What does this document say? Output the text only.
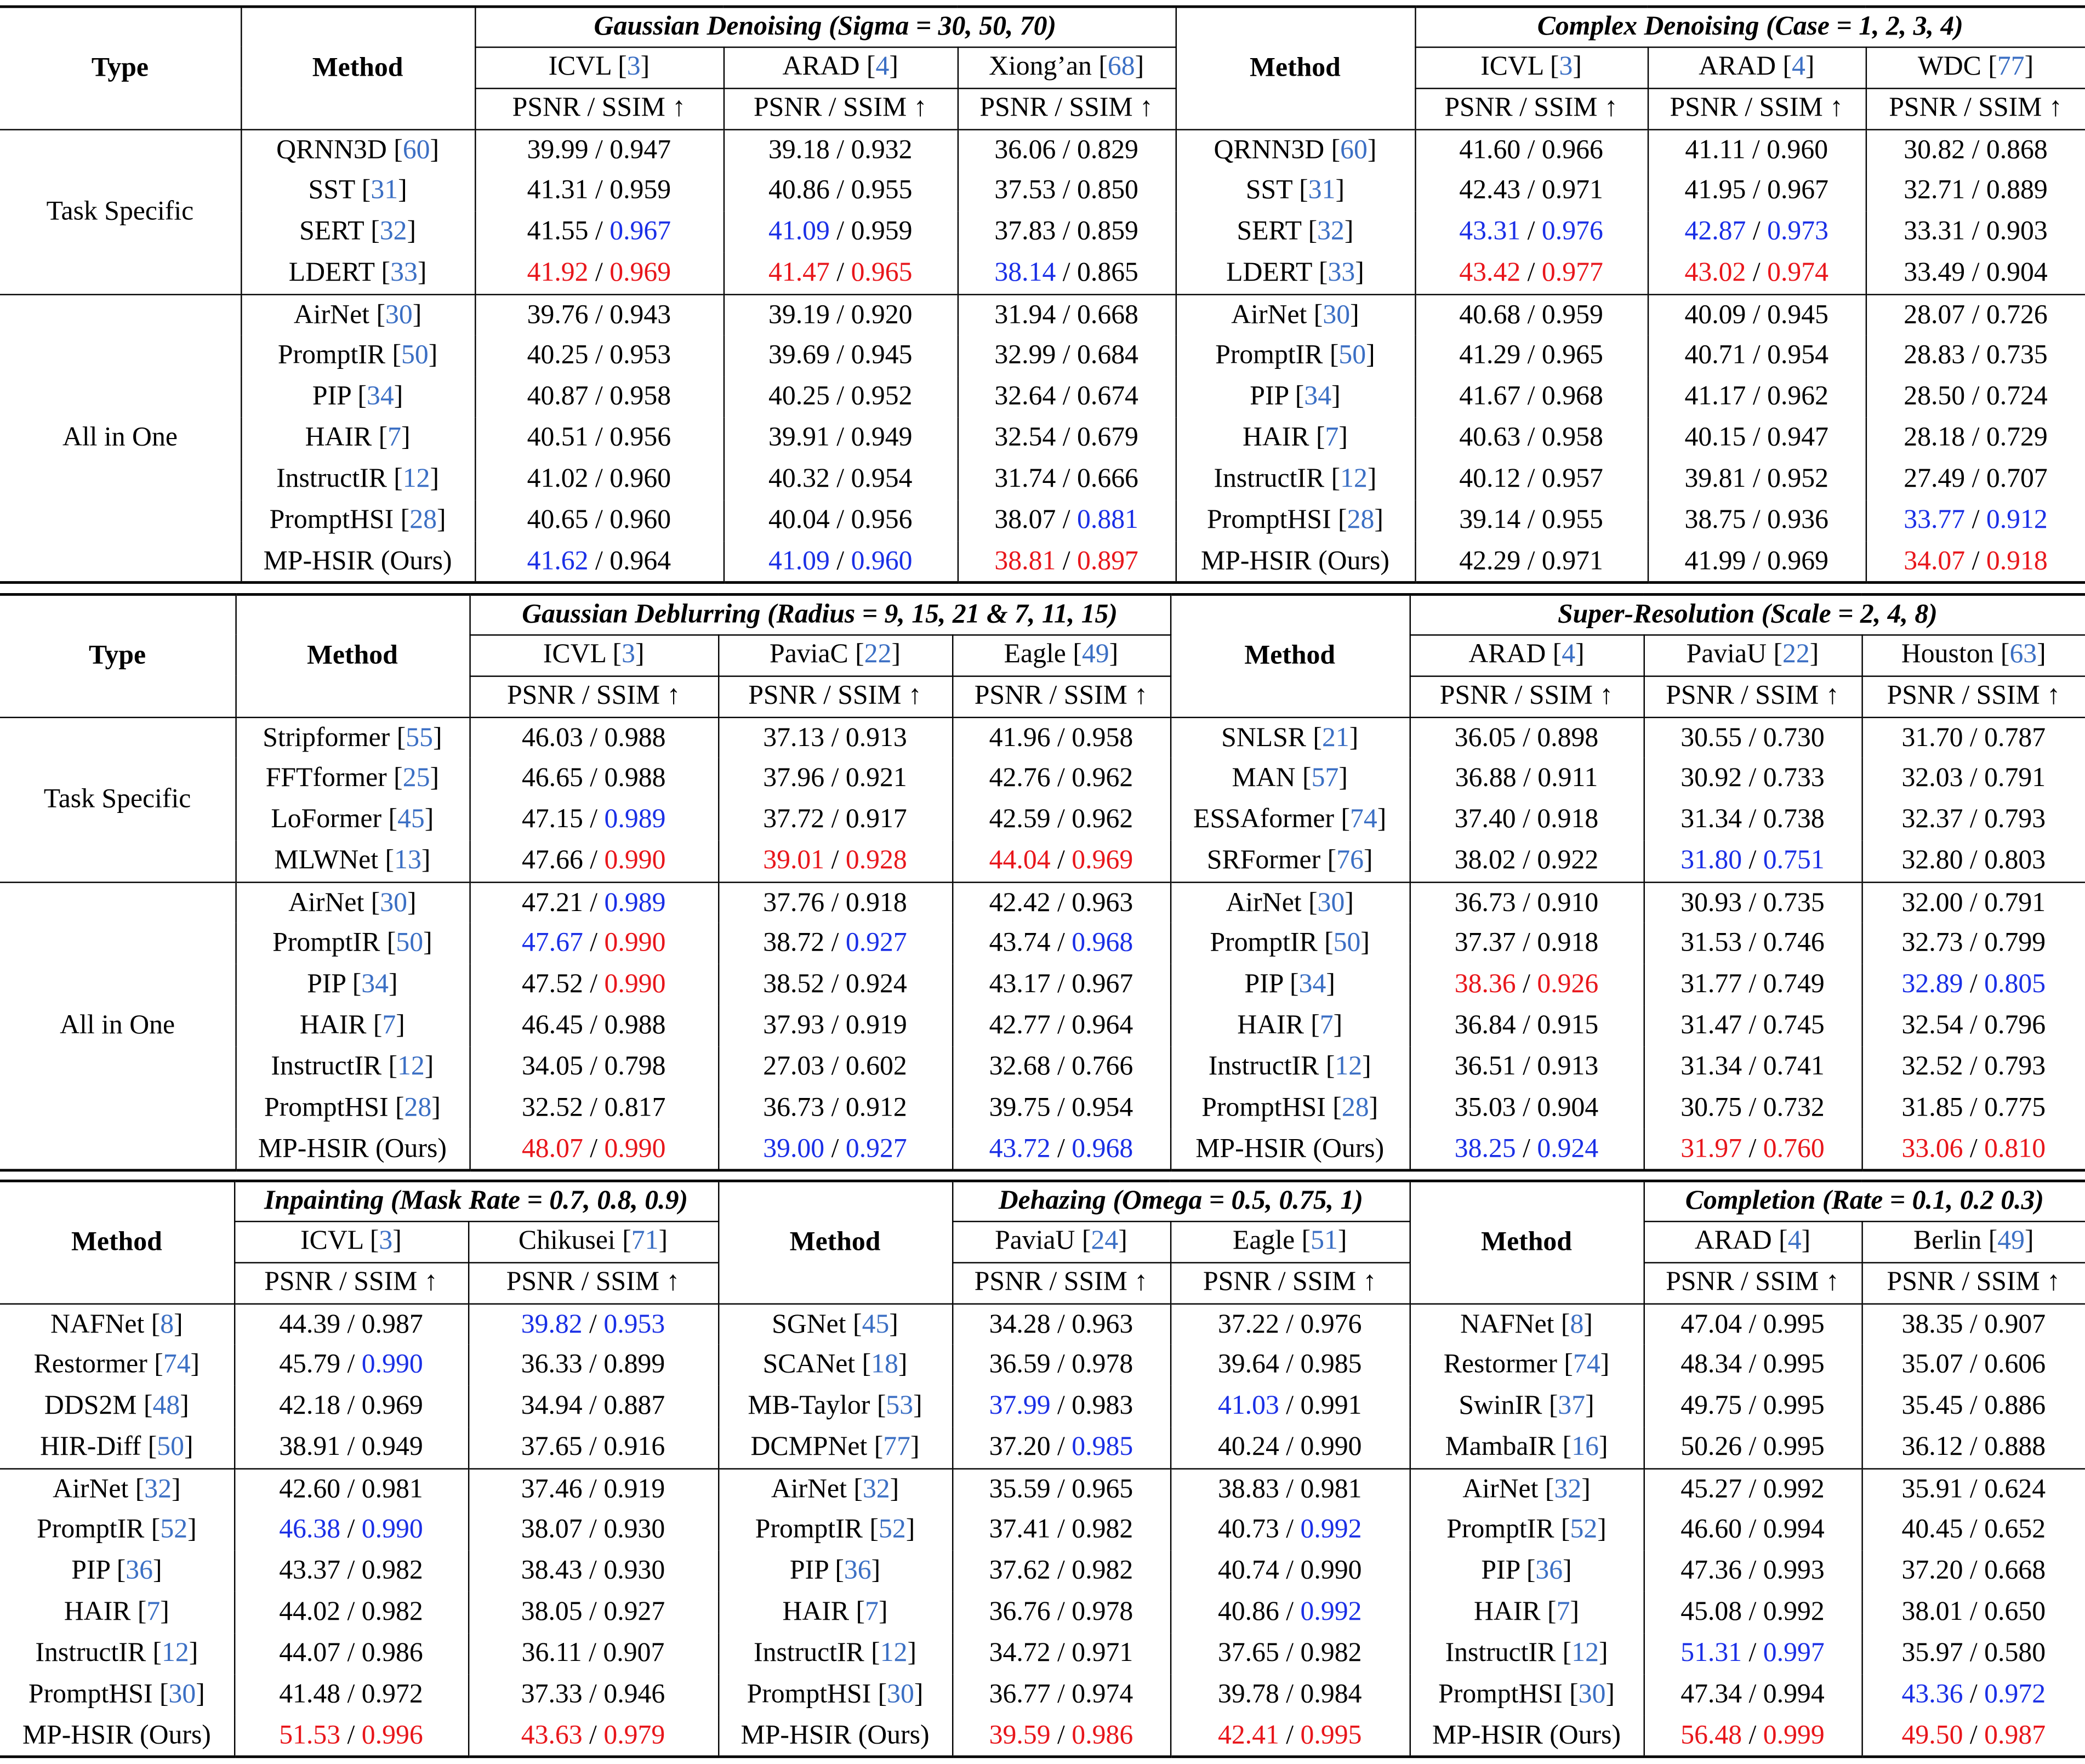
Type	Method	Gaussian Denoising (Sigma = 30, 50, 70)			Method	Complex Denoising (Case = 1, 2, 3, 4)		
		ICVL [3]	ARAD [4]	Xiong’an [68]		ICVL [3]	ARAD [4]	WDC [77]
		PSNR / SSIM ↑	PSNR / SSIM ↑	PSNR / SSIM ↑		PSNR / SSIM ↑	PSNR / SSIM ↑	PSNR / SSIM ↑
Task Specific	QRNN3D [60]	39.99 / 0.947	39.18 / 0.932	36.06 / 0.829	QRNN3D [60]	41.60 / 0.966	41.11 / 0.960	30.82 / 0.868
	SST [31]	41.31 / 0.959	40.86 / 0.955	37.53 / 0.850	SST [31]	42.43 / 0.971	41.95 / 0.967	32.71 / 0.889
	SERT [32]	41.55 / 0.967	41.09 / 0.959	37.83 / 0.859	SERT [32]	43.31 / 0.976	42.87 / 0.973	33.31 / 0.903
	LDERT [33]	41.92 / 0.969	41.47 / 0.965	38.14 / 0.865	LDERT [33]	43.42 / 0.977	43.02 / 0.974	33.49 / 0.904
All in One	AirNet [30]	39.76 / 0.943	39.19 / 0.920	31.94 / 0.668	AirNet [30]	40.68 / 0.959	40.09 / 0.945	28.07 / 0.726
	PromptIR [50]	40.25 / 0.953	39.69 / 0.945	32.99 / 0.684	PromptIR [50]	41.29 / 0.965	40.71 / 0.954	28.83 / 0.735
	PIP [34]	40.87 / 0.958	40.25 / 0.952	32.64 / 0.674	PIP [34]	41.67 / 0.968	41.17 / 0.962	28.50 / 0.724
	HAIR [7]	40.51 / 0.956	39.91 / 0.949	32.54 / 0.679	HAIR [7]	40.63 / 0.958	40.15 / 0.947	28.18 / 0.729
	InstructIR [12]	41.02 / 0.960	40.32 / 0.954	31.74 / 0.666	InstructIR [12]	40.12 / 0.957	39.81 / 0.952	27.49 / 0.707
	PromptHSI [28]	40.65 / 0.960	40.04 / 0.956	38.07 / 0.881	PromptHSI [28]	39.14 / 0.955	38.75 / 0.936	33.77 / 0.912
	MP-HSIR (Ours)	41.62 / 0.964	41.09 / 0.960	38.81 / 0.897	MP-HSIR (Ours)	42.29 / 0.971	41.99 / 0.969	34.07 / 0.918
Type	Method	Gaussian Deblurring (Radius = 9, 15, 21 & 7, 11, 15)			Method	Super-Resolution (Scale = 2, 4, 8)		
		ICVL [3]	PaviaC [22]	Eagle [49]		ARAD [4]	PaviaU [22]	Houston [63]
		PSNR / SSIM ↑	PSNR / SSIM ↑	PSNR / SSIM ↑		PSNR / SSIM ↑	PSNR / SSIM ↑	PSNR / SSIM ↑
Task Specific	Stripformer [55]	46.03 / 0.988	37.13 / 0.913	41.96 / 0.958	SNLSR [21]	36.05 / 0.898	30.55 / 0.730	31.70 / 0.787
	FFTformer [25]	46.65 / 0.988	37.96 / 0.921	42.76 / 0.962	MAN [57]	36.88 / 0.911	30.92 / 0.733	32.03 / 0.791
	LoFormer [45]	47.15 / 0.989	37.72 / 0.917	42.59 / 0.962	ESSAformer [74]	37.40 / 0.918	31.34 / 0.738	32.37 / 0.793
	MLWNet [13]	47.66 / 0.990	39.01 / 0.928	44.04 / 0.969	SRFormer [76]	38.02 / 0.922	31.80 / 0.751	32.80 / 0.803
All in One	AirNet [30]	47.21 / 0.989	37.76 / 0.918	42.42 / 0.963	AirNet [30]	36.73 / 0.910	30.93 / 0.735	32.00 / 0.791
	PromptIR [50]	47.67 / 0.990	38.72 / 0.927	43.74 / 0.968	PromptIR [50]	37.37 / 0.918	31.53 / 0.746	32.73 / 0.799
	PIP [34]	47.52 / 0.990	38.52 / 0.924	43.17 / 0.967	PIP [34]	38.36 / 0.926	31.77 / 0.749	32.89 / 0.805
	HAIR [7]	46.45 / 0.988	37.93 / 0.919	42.77 / 0.964	HAIR [7]	36.84 / 0.915	31.47 / 0.745	32.54 / 0.796
	InstructIR [12]	34.05 / 0.798	27.03 / 0.602	32.68 / 0.766	InstructIR [12]	36.51 / 0.913	31.34 / 0.741	32.52 / 0.793
	PromptHSI [28]	32.52 / 0.817	36.73 / 0.912	39.75 / 0.954	PromptHSI [28]	35.03 / 0.904	30.75 / 0.732	31.85 / 0.775
	MP-HSIR (Ours)	48.07 / 0.990	39.00 / 0.927	43.72 / 0.968	MP-HSIR (Ours)	38.25 / 0.924	31.97 / 0.760	33.06 / 0.810
Method	Inpainting (Mask Rate = 0.7, 0.8, 0.9)		Method	Dehazing (Omega = 0.5, 0.75, 1)		Method	Completion (Rate = 0.1, 0.2 0.3)	
	ICVL [3]	Chikusei [71]		PaviaU [24]	Eagle [51]		ARAD [4]	Berlin [49]
	PSNR / SSIM ↑	PSNR / SSIM ↑		PSNR / SSIM ↑	PSNR / SSIM ↑		PSNR / SSIM ↑	PSNR / SSIM ↑
NAFNet [8]	44.39 / 0.987	39.82 / 0.953	SGNet [45]	34.28 / 0.963	37.22 / 0.976	NAFNet [8]	47.04 / 0.995	38.35 / 0.907
Restormer [74]	45.79 / 0.990	36.33 / 0.899	SCANet [18]	36.59 / 0.978	39.64 / 0.985	Restormer [74]	48.34 / 0.995	35.07 / 0.606
DDS2M [48]	42.18 / 0.969	34.94 / 0.887	MB-Taylor [53]	37.99 / 0.983	41.03 / 0.991	SwinIR [37]	49.75 / 0.995	35.45 / 0.886
HIR-Diff [50]	38.91 / 0.949	37.65 / 0.916	DCMPNet [77]	37.20 / 0.985	40.24 / 0.990	MambaIR [16]	50.26 / 0.995	36.12 / 0.888
AirNet [32]	42.60 / 0.981	37.46 / 0.919	AirNet [32]	35.59 / 0.965	38.83 / 0.981	AirNet [32]	45.27 / 0.992	35.91 / 0.624
PromptIR [52]	46.38 / 0.990	38.07 / 0.930	PromptIR [52]	37.41 / 0.982	40.73 / 0.992	PromptIR [52]	46.60 / 0.994	40.45 / 0.652
PIP [36]	43.37 / 0.982	38.43 / 0.930	PIP [36]	37.62 / 0.982	40.74 / 0.990	PIP [36]	47.36 / 0.993	37.20 / 0.668
HAIR [7]	44.02 / 0.982	38.05 / 0.927	HAIR [7]	36.76 / 0.978	40.86 / 0.992	HAIR [7]	45.08 / 0.992	38.01 / 0.650
InstructIR [12]	44.07 / 0.986	36.11 / 0.907	InstructIR [12]	34.72 / 0.971	37.65 / 0.982	InstructIR [12]	51.31 / 0.997	35.97 / 0.580
PromptHSI [30]	41.48 / 0.972	37.33 / 0.946	PromptHSI [30]	36.77 / 0.974	39.78 / 0.984	PromptHSI [30]	47.34 / 0.994	43.36 / 0.972
MP-HSIR (Ours)	51.53 / 0.996	43.63 / 0.979	MP-HSIR (Ours)	39.59 / 0.986	42.41 / 0.995	MP-HSIR (Ours)	56.48 / 0.999	49.50 / 0.987
